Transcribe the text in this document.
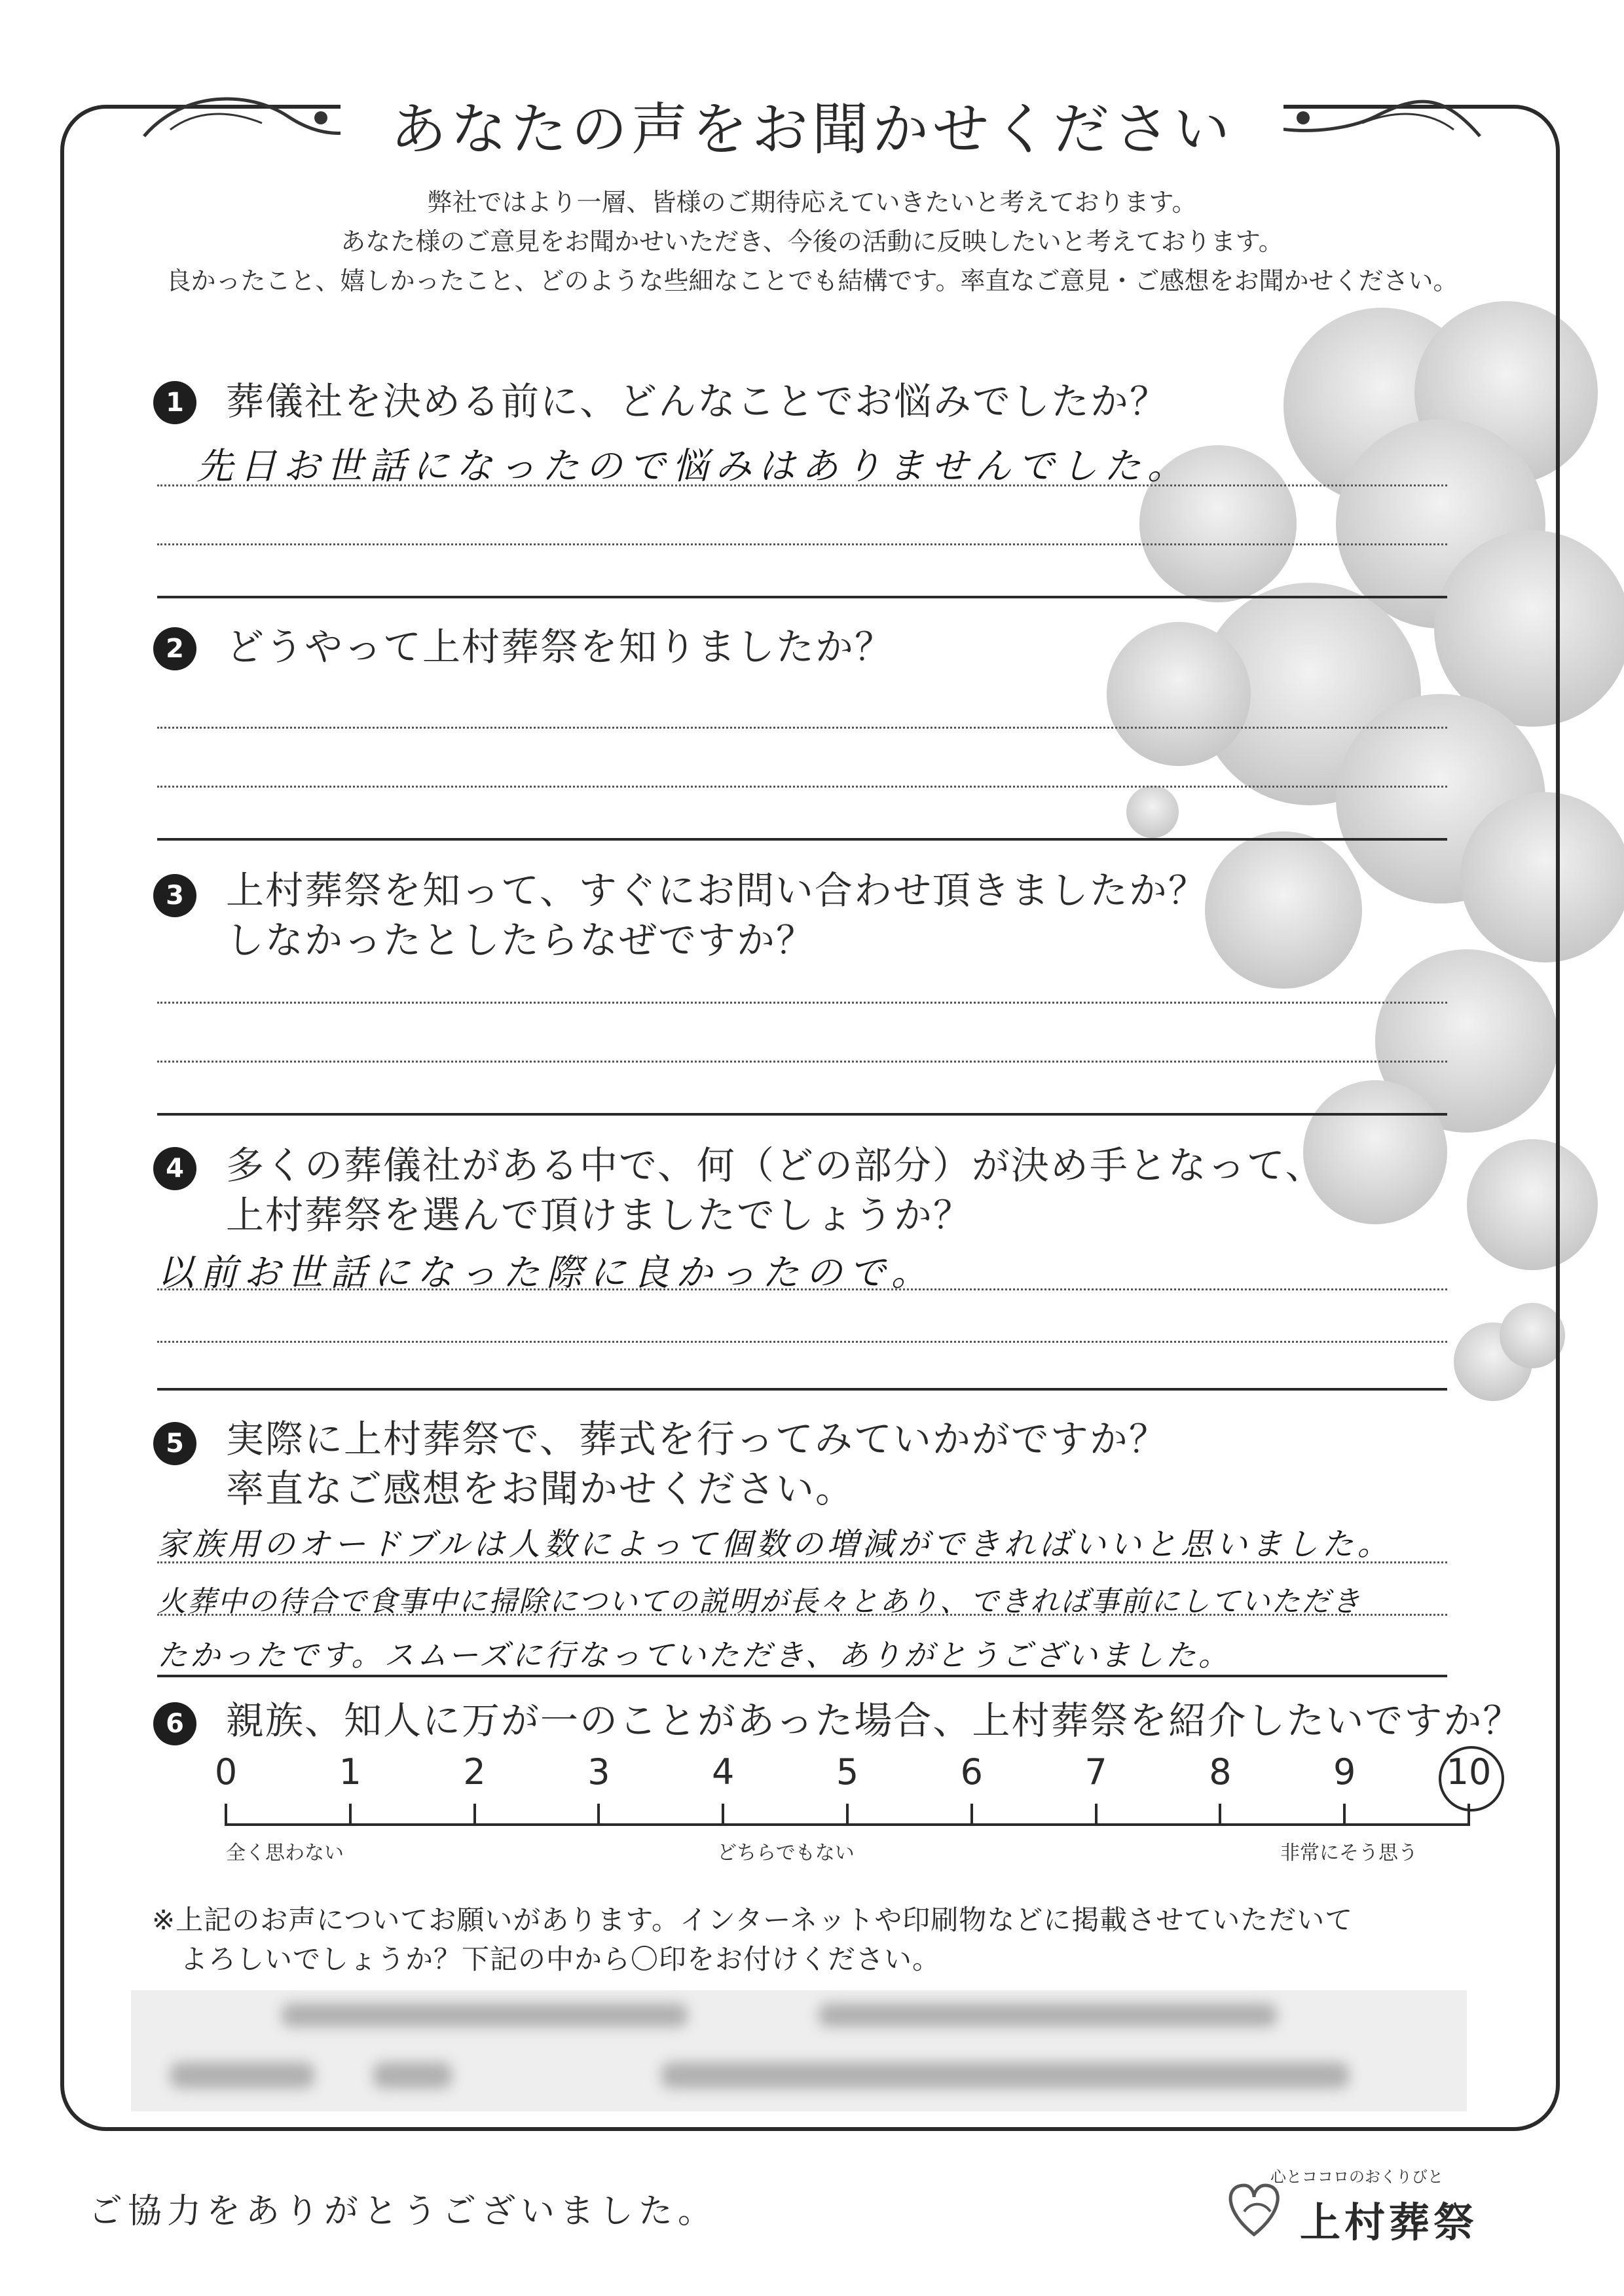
あなたの声をお聞かせください
弊社ではより一層、皆様のご期待応えていきたいと考えております。
あなた様のご意見をお聞かせいただき、今後の活動に反映したいと考えております。
良かったこと、嬉しかったこと、どのような些細なことでも結構です。率直なご意見・ご感想をお聞かせください。
1	葬儀社を決める前に、どんなことでお悩みでしたか？
先日お世話になったので悩みはありませんでした。
2	どうやって上村葬祭を知りましたか？
3	上村葬祭を知って、すぐにお問い合わせ頂きましたか？
しなかったとしたらなぜですか？
4	多くの葬儀社がある中で、何（どの部分）が決め手となって、
上村葬祭を選んで頂けましたでしょうか？
以前お世話になった際に良かったので。
5	実際に上村葬祭で、葬式を行ってみていかがですか？
率直なご感想をお聞かせください。
家族用のオードブルは人数によって個数の増減ができればいいと思いました。
火葬中の待合で食事中に掃除についての説明が長々とあり、できれば事前にしていただき
たかったです。スムーズに行なっていただき、ありがとうございました。
6	親族、知人に万が一のことがあった場合、上村葬祭を紹介したいですか？
全く思わない	どちらでもない	非常にそう思う
※上記のお声についてお願いがあります。インターネットや印刷物などに掲載させていただいて
よろしいでしょうか？下記の中から〇印をお付けください。
ご協力をありがとうございました。
心とココロのおくりびと
上村葬祭
0	1	2	3	4	5	6	7	8	9	10
